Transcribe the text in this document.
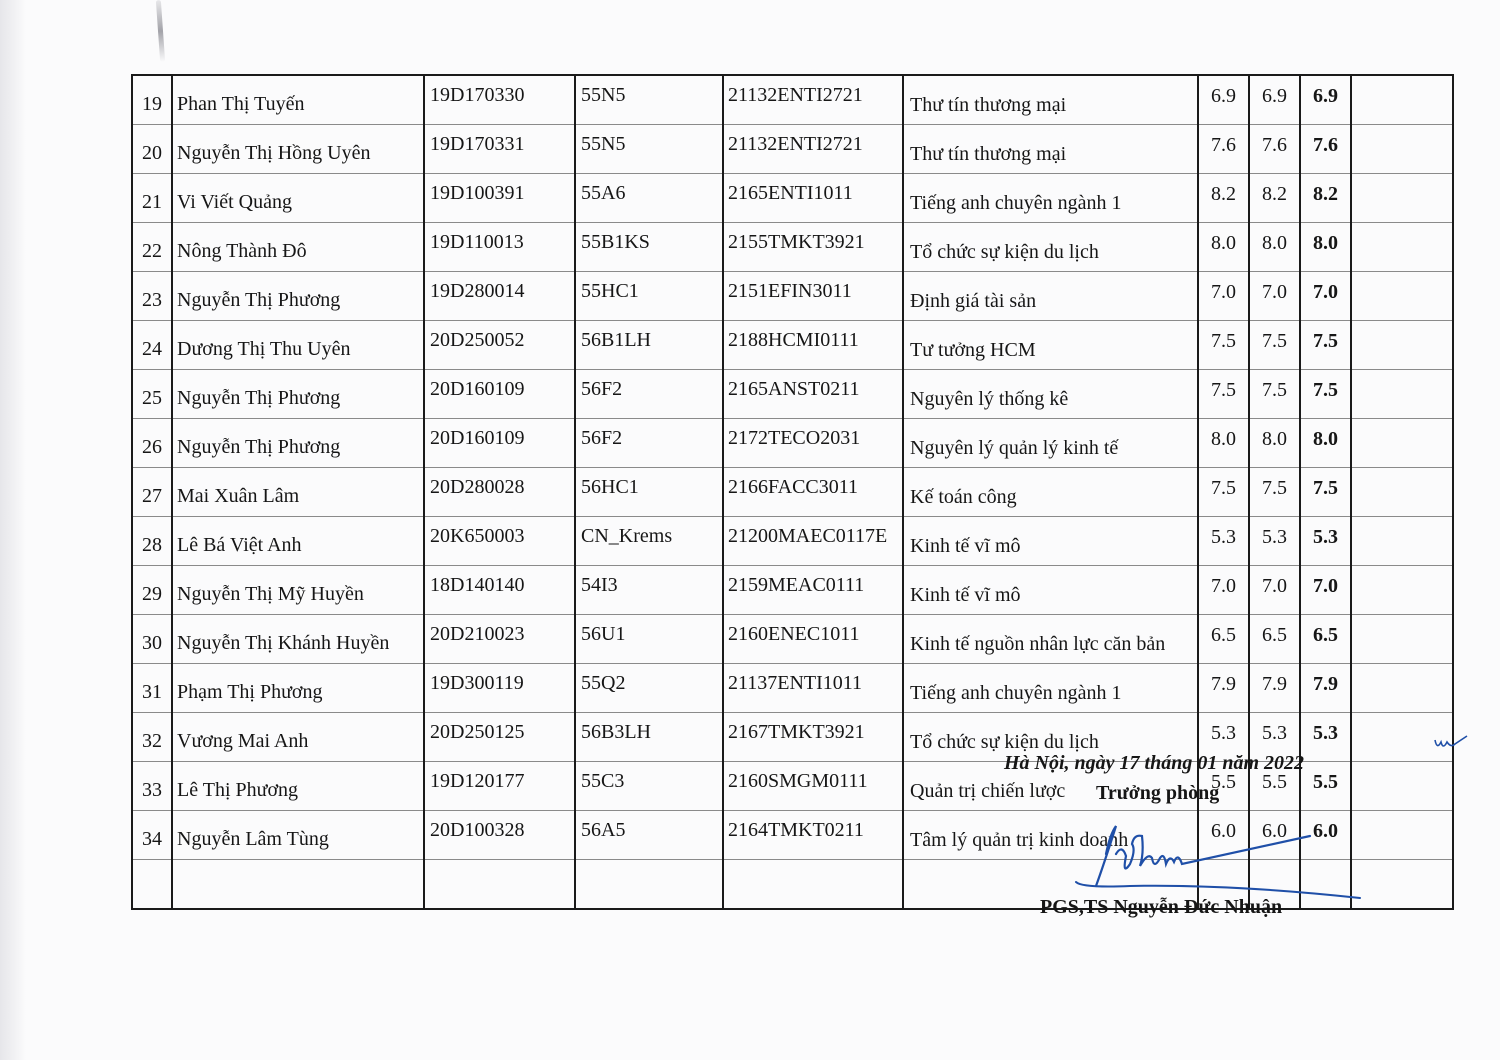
19	Phan Thị Tuyến	19D170330	55N5	21132ENTI2721	Thư tín thương mại	6.9	6.9	6.9	
20	Nguyễn Thị Hồng Uyên	19D170331	55N5	21132ENTI2721	Thư tín thương mại	7.6	7.6	7.6	
21	Vi Viết Quảng	19D100391	55A6	2165ENTI1011	Tiếng anh chuyên ngành 1	8.2	8.2	8.2	
22	Nông Thành Đô	19D110013	55B1KS	2155TMKT3921	Tổ chức sự kiện du lịch	8.0	8.0	8.0	
23	Nguyễn Thị Phương	19D280014	55HC1	2151EFIN3011	Định giá tài sản	7.0	7.0	7.0	
24	Dương Thị Thu Uyên	20D250052	56B1LH	2188HCMI0111	Tư tưởng HCM	7.5	7.5	7.5	
25	Nguyễn Thị Phương	20D160109	56F2	2165ANST0211	Nguyên lý thống kê	7.5	7.5	7.5	
26	Nguyễn Thị Phương	20D160109	56F2	2172TECO2031	Nguyên lý quản lý kinh tế	8.0	8.0	8.0	
27	Mai Xuân Lâm	20D280028	56HC1	2166FACC3011	Kế toán công	7.5	7.5	7.5	
28	Lê Bá Việt Anh	20K650003	CN_Krems	21200MAEC0117E	Kinh tế vĩ mô	5.3	5.3	5.3	
29	Nguyễn Thị Mỹ Huyền	18D140140	54I3	2159MEAC0111	Kinh tế vĩ mô	7.0	7.0	7.0	
30	Nguyễn Thị Khánh Huyền	20D210023	56U1	2160ENEC1011	Kinh tế nguồn nhân lực căn bản	6.5	6.5	6.5	
31	Phạm Thị Phương	19D300119	55Q2	21137ENTI1011	Tiếng anh chuyên ngành 1	7.9	7.9	7.9	
32	Vương Mai Anh	20D250125	56B3LH	2167TMKT3921	Tổ chức sự kiện du lịch	5.3	5.3	5.3	
33	Lê Thị Phương	19D120177	55C3	2160SMGM0111	Quản trị chiến lược	5.5	5.5	5.5	
34	Nguyễn Lâm Tùng	20D100328	56A5	2164TMKT0211	Tâm lý quản trị kinh doanh	6.0	6.0	6.0	

Hà Nội, ngày 17 tháng 01 năm 2022
Trưởng phòng
PGS,TS Nguyễn Đức Nhuận
